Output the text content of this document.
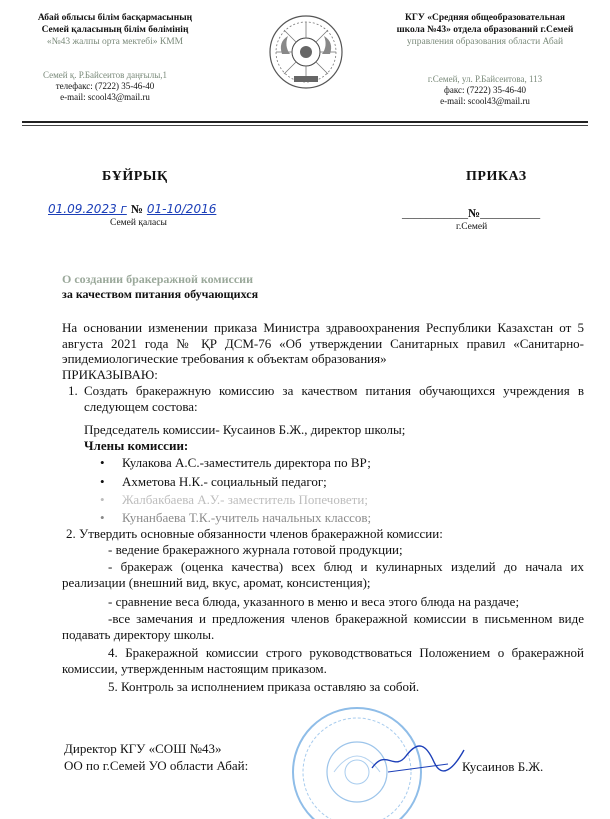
Абай облысы білім басқармасының
Семей қаласының білім бөлімінің
«№43 жалпы орта мектебі» КММ
Семей қ. Р.Байсеитов даңғылы,1
телефакс: (7222) 35-46-40
e-mail: scool43@mail.ru
КГУ «Средняя общеобразовательная
школа №43» отдела образований г.Семей
управления образования области Абай
г.Семей, ул. Р.Байсеитова, 113
факс: (7222) 35-46-40
e-mail: scool43@mail.ru
БҰЙРЫҚ	ПРИКАЗ
01.09.2023 г № 01-10/2016
Семей қаласы
___________№__________
г.Семей
О создании бракеражной комиссии
за качеством питания обучающихся
На основании изменении приказа Министра здравоохранения Республики Казахстан от 5 августа 2021 года № ҚР ДСМ-76 «Об утверждении Санитарных правил «Санитарно-эпидемиологические требования к объектам образования»
ПРИКАЗЫВАЮ:
1. Создать бракеражную комиссию за качеством питания обучающихся учреждения в следующем состова:
Председатель комиссии- Кусаинов Б.Ж., директор школы;
Члены комиссии:
• Кулакова А.С.-заместитель директора по ВР;
• Ахметова Н.К.- социальный педагог;
• Жалбакбаева А.У.- заместитель Попечовети;
• Кунанбаева Т.К.-учитель начальных классов;
2. Утвердить основные обязанности членов бракеражной комиссии:
- ведение бракеражного журнала готовой продукции;
- бракераж (оценка качества) всех блюд и кулинарных изделий до начала их реализации (внешний вид, вкус, аромат, консистенция);
- сравнение веса блюда, указанного в меню и веса этого блюда на раздаче;
-все замечания и предложения членов бракеражной комиссии в письменном виде подавать директору школы.
4. Бракеражной комиссии строго руководствоваться Положением о бракеражной комиссии, утвержденным настоящим приказом.
5. Контроль за исполнением приказа оставляю за собой.
Директор КГУ «СОШ №43»
ОО по г.Семей УО области Абай:	Кусаинов Б.Ж.
